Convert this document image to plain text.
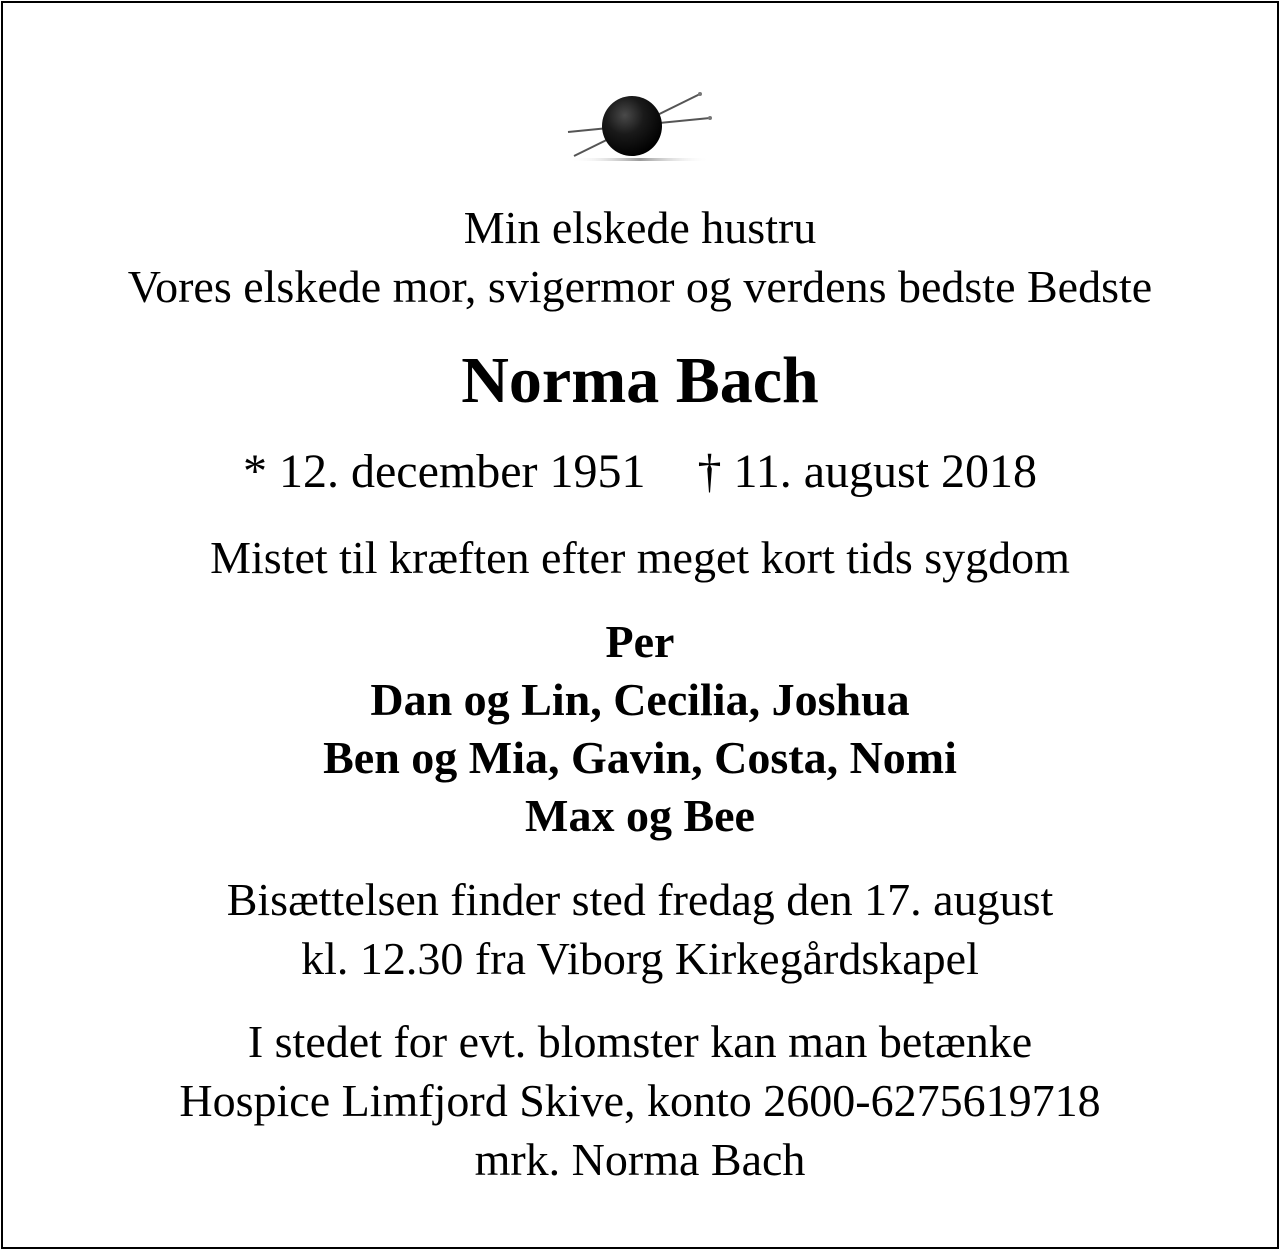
Min elskede hustru
Vores elskede mor, svigermor og verdens bedste Bedste
Norma Bach
* 12. december 1951 † 11. august 2018
Mistet til kræften efter meget kort tids sygdom
Per
Dan og Lin, Cecilia, Joshua
Ben og Mia, Gavin, Costa, Nomi
Max og Bee
Bisættelsen finder sted fredag den 17. august
kl. 12.30 fra Viborg Kirkegårdskapel
I stedet for evt. blomster kan man betænke
Hospice Limfjord Skive, konto 2600-6275619718
mrk. Norma Bach
